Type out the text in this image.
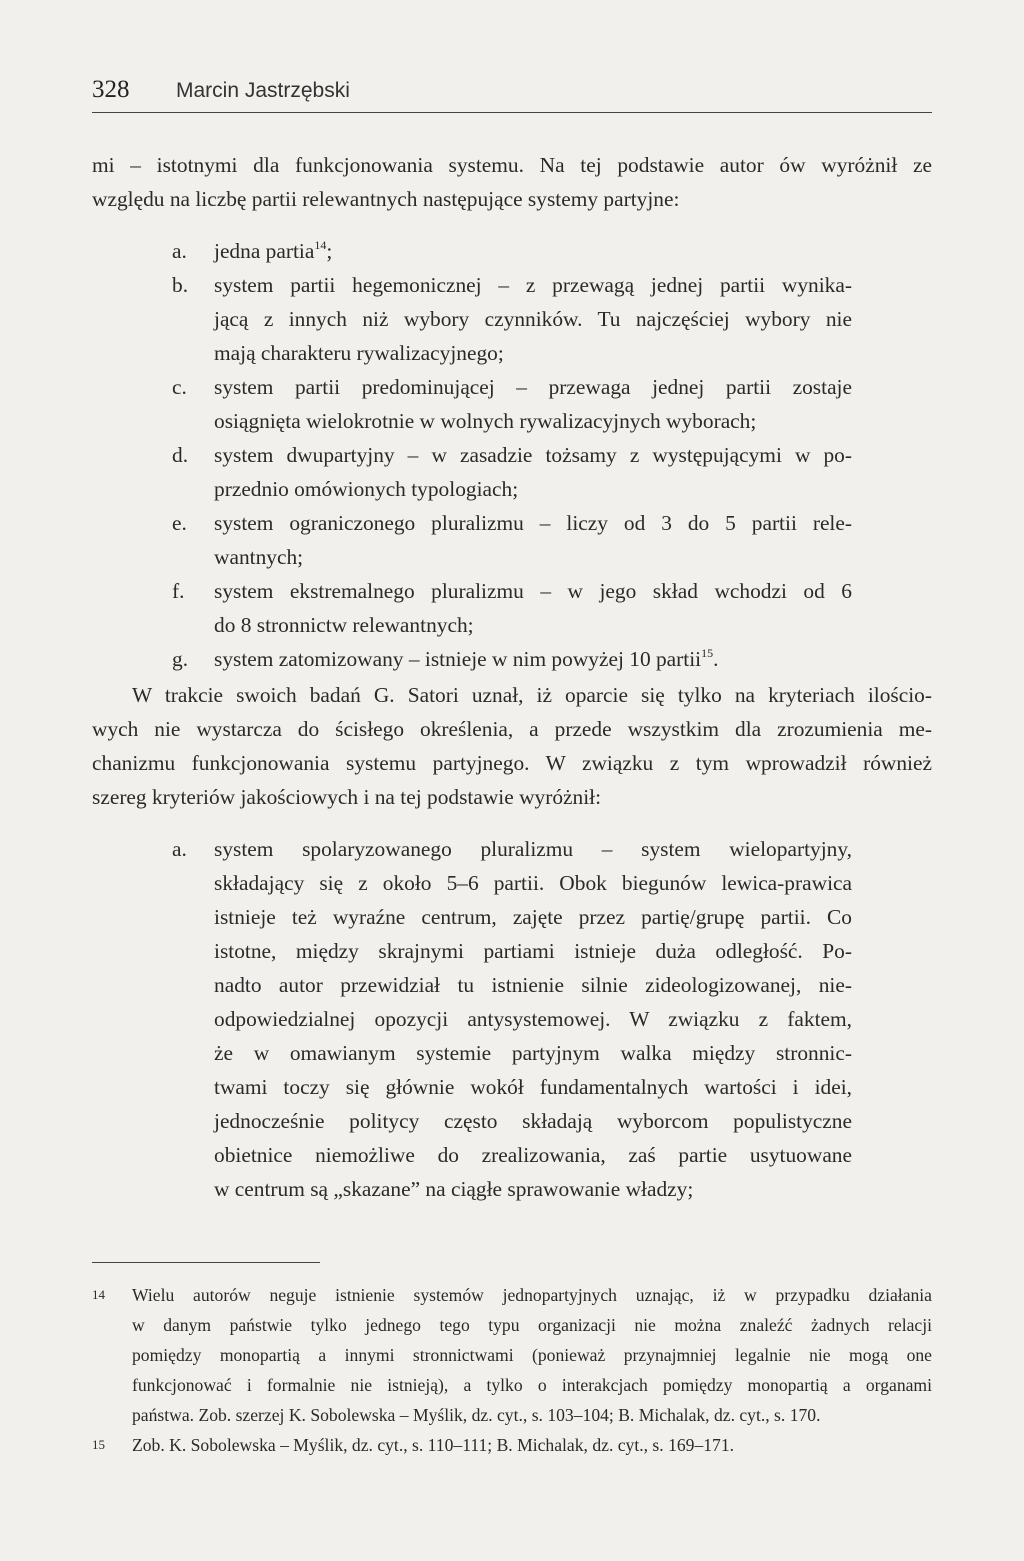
328 Marcin Jastrzębski
mi – istotnymi dla funkcjonowania systemu. Na tej podstawie autor ów wyróżnił ze
względu na liczbę partii relewantnych następujące systemy partyjne:
a. jedna partia$^{14}$;
b. system partii hegemonicznej – z przewagą jednej partii wynika-
jącą z innych niż wybory czynników. Tu najczęściej wybory nie
mają charakteru rywalizacyjnego;
c. system partii predominującej – przewaga jednej partii zostaje
osiągnięta wielokrotnie w wolnych rywalizacyjnych wyborach;
d. system dwupartyjny – w zasadzie tożsamy z występującymi w po-
przednio omówionych typologiach;
e. system ograniczonego pluralizmu – liczy od 3 do 5 partii rele-
wantnych;
f. system ekstremalnego pluralizmu – w jego skład wchodzi od 6
do 8 stronnictw relewantnych;
g. system zatomizowany – istnieje w nim powyżej 10 partii$^{15}$.
W trakcie swoich badań G. Satori uznał, iż oparcie się tylko na kryteriach ilościo-
wych nie wystarcza do ścisłego określenia, a przede wszystkim dla zrozumienia me-
chanizmu funkcjonowania systemu partyjnego. W związku z tym wprowadził również
szereg kryteriów jakościowych i na tej podstawie wyróżnił:
a. system spolaryzowanego pluralizmu – system wielopartyjny,
składający się z około 5–6 partii. Obok biegunów lewica-prawica
istnieje też wyraźne centrum, zajęte przez partię/grupę partii. Co
istotne, między skrajnymi partiami istnieje duża odległość. Po-
nadto autor przewidział tu istnienie silnie zideologizowanej, nie-
odpowiedzialnej opozycji antysystemowej. W związku z faktem,
że w omawianym systemie partyjnym walka między stronnic-
twami toczy się głównie wokół fundamentalnych wartości i idei,
jednocześnie politycy często składają wyborcom populistyczne
obietnice niemożliwe do zrealizowania, zaś partie usytuowane
w centrum są „skazane” na ciągłe sprawowanie władzy;
14 Wielu autorów neguje istnienie systemów jednopartyjnych uznając, iż w przypadku działania
w danym państwie tylko jednego tego typu organizacji nie można znaleźć żadnych relacji
pomiędzy monopartią a innymi stronnictwami (ponieważ przynajmniej legalnie nie mogą one
funkcjonować i formalnie nie istnieją), a tylko o interakcjach pomiędzy monopartią a organami
państwa. Zob. szerzej K. Sobolewska – Myślik, dz. cyt., s. 103–104; B. Michalak, dz. cyt., s. 170.
15 Zob. K. Sobolewska – Myślik, dz. cyt., s. 110–111; B. Michalak, dz. cyt., s. 169–171.
